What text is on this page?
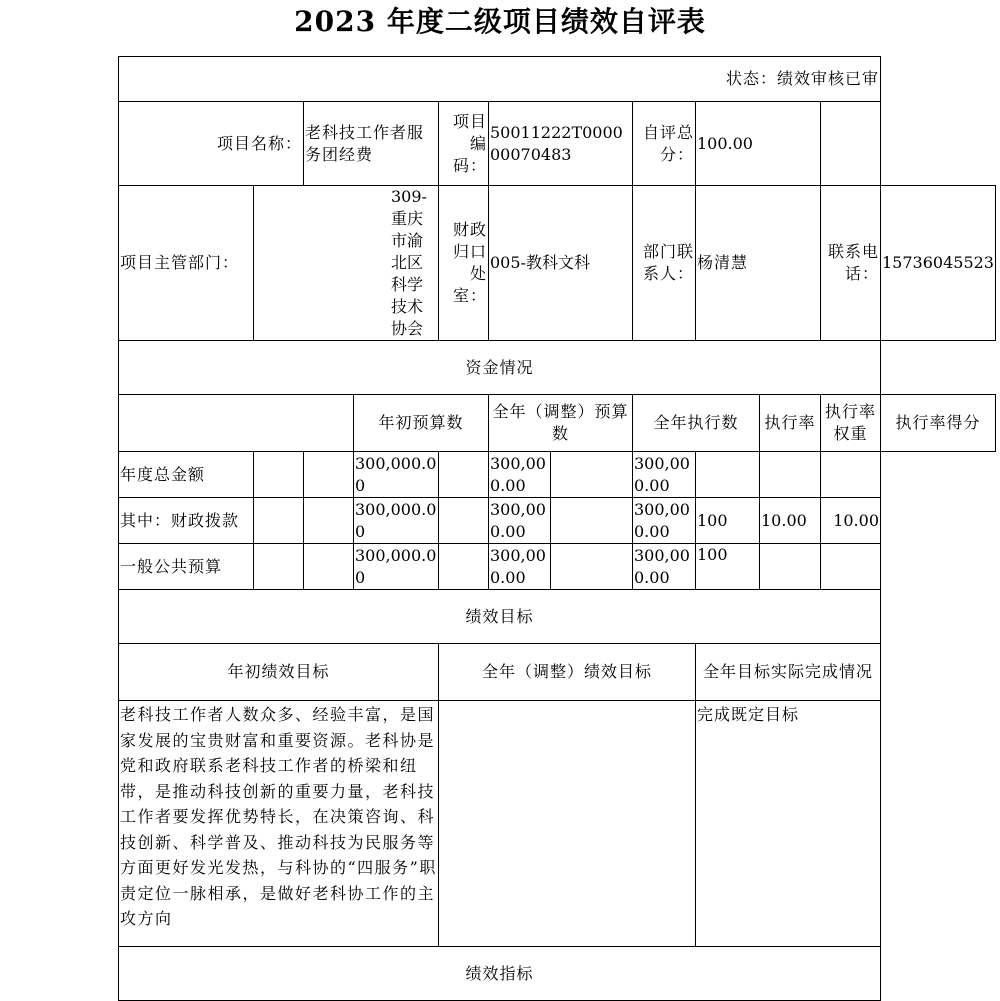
2023 年度二级项目绩效自评表
状态：绩效审核已审											
项目名称：		老科技工作者服务团经费		项目编码：	50011222T000000070483		自评总分：	100.00			
项目主管部门：	309-重庆市渝北区科学技术协会			财政归口处室：	005-教科文科		部门联系人：	杨清慧		联系电话：	15736045523
资金情况											
			年初预算数		全年（调整）预算数		全年执行数		执行率	执行率权重	执行率得分
年度总金额			300,000.00		300,000.00		300,000.00				
其中：财政拨款			300,000.00		300,000.00		300,000.00	100	10.00	10.00	
一般公共预算			300,000.00		300,000.00		300,000.00	100			
绩效目标											
年初绩效目标				全年（调整）绩效目标				全年目标实际完成情况			
老科技工作者人数众多、经验丰富，是国家发展的宝贵财富和重要资源。老科协是党和政府联系老科技工作者的桥梁和纽带，是推动科技创新的重要力量，老科技工作者要发挥优势特长，在决策咨询、科技创新、科学普及、推动科技为民服务等方面更好发光发热，与科协的“四服务”职责定位一脉相承，是做好老科协工作的主攻方向								完成既定目标			
绩效指标											
